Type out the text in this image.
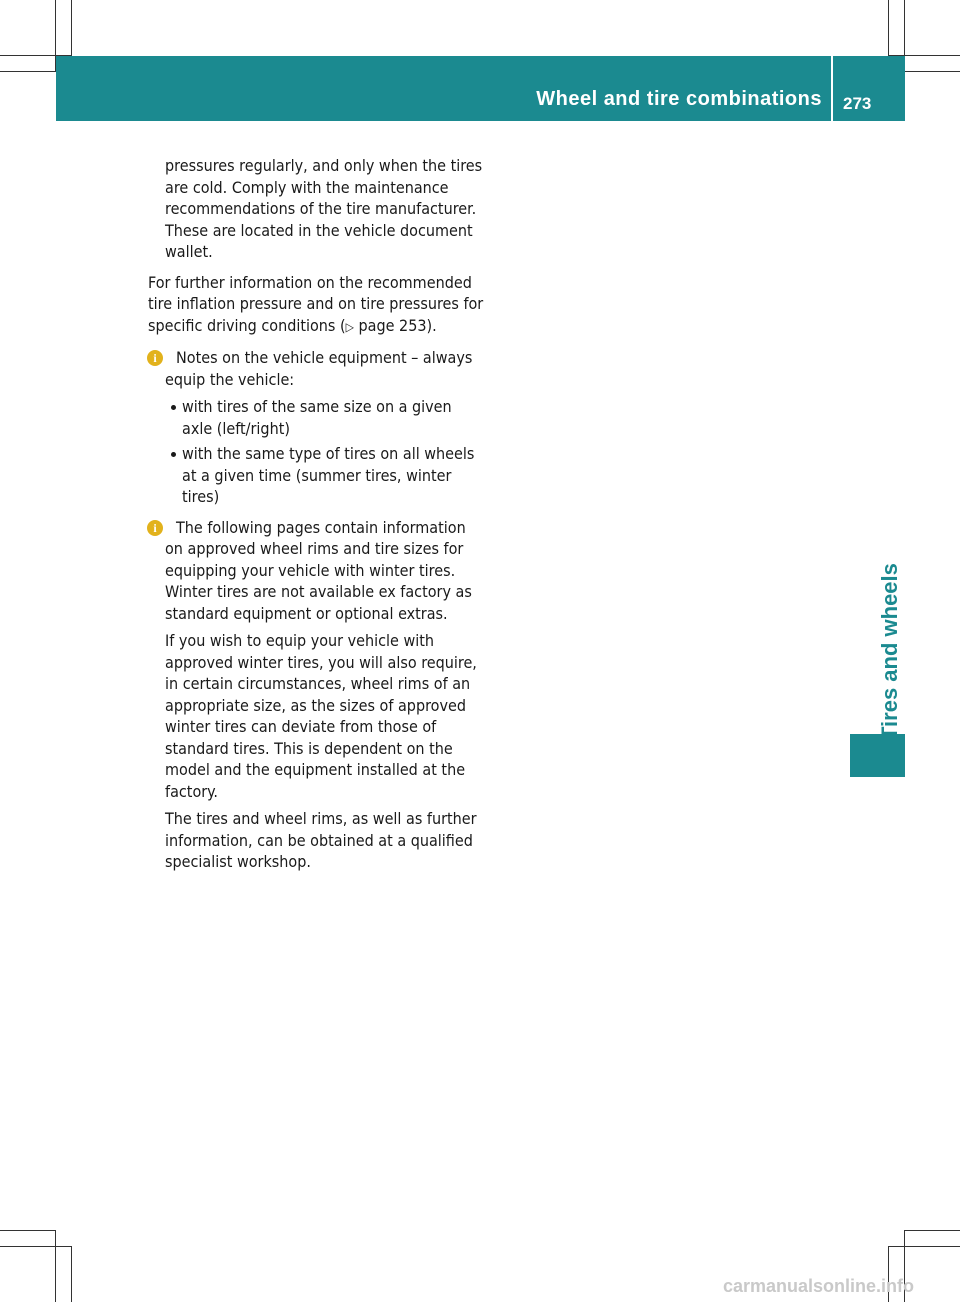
Wheel and tire combinations 273
Tires and wheels

pressures regularly, and only when the tires are cold. Comply with the maintenance recommendations of the tire manufacturer. These are located in the vehicle document wallet.

For further information on the recommended tire inflation pressure and on tire pressures for specific driving conditions (▷ page 253).

i	Notes on the vehicle equipment – always equip the vehicle:
with tires of the same size on a given axle (left/right)
with the same type of tires on all wheels at a given time (summer tires, winter tires)
i	The following pages contain information on approved wheel rims and tire sizes for equipping your vehicle with winter tires. Winter tires are not available ex factory as standard equipment or optional extras.
If you wish to equip your vehicle with approved winter tires, you will also require, in certain circumstances, wheel rims of an appropriate size, as the sizes of approved winter tires can deviate from those of standard tires. This is dependent on the model and the equipment installed at the factory.
The tires and wheel rims, as well as further information, can be obtained at a qualified specialist workshop.
carmanualsonline.info
